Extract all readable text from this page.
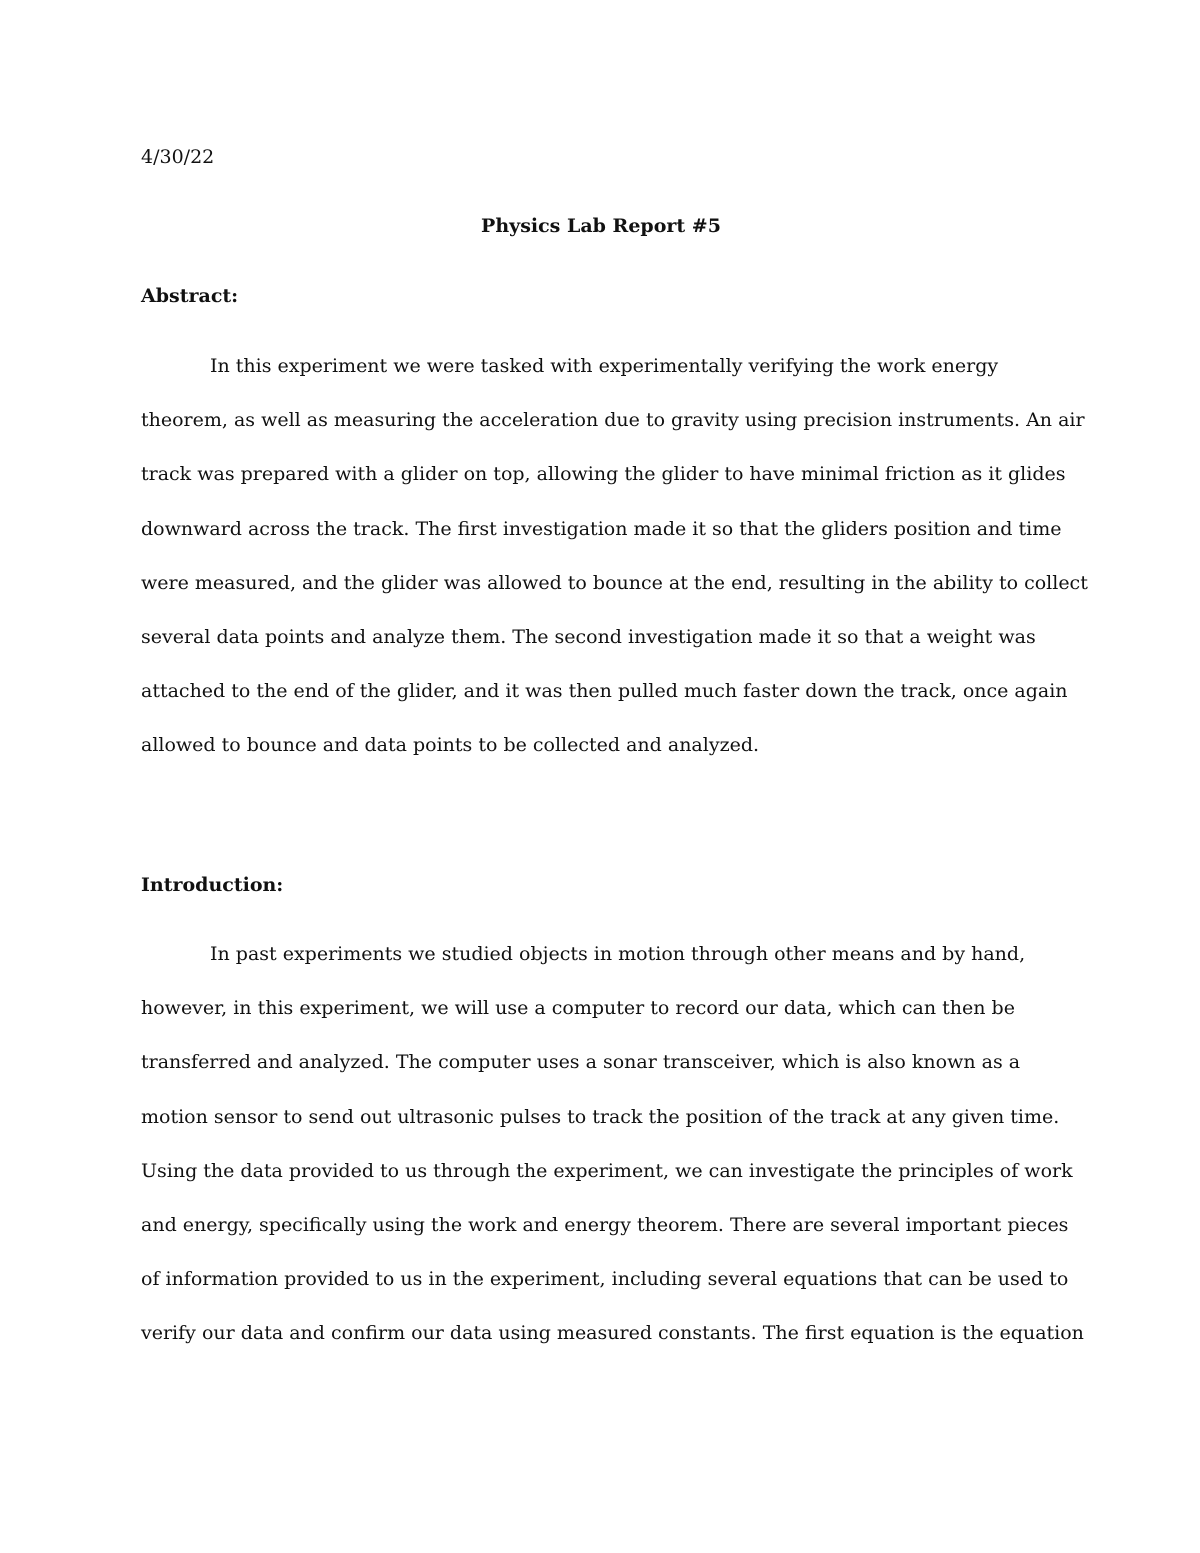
4/30/22
Physics Lab Report #5
Abstract:
In this experiment we were tasked with experimentally verifying the work energy
theorem, as well as measuring the acceleration due to gravity using precision instruments. An air
track was prepared with a glider on top, allowing the glider to have minimal friction as it glides
downward across the track. The first investigation made it so that the gliders position and time
were measured, and the glider was allowed to bounce at the end, resulting in the ability to collect
several data points and analyze them. The second investigation made it so that a weight was
attached to the end of the glider, and it was then pulled much faster down the track, once again
allowed to bounce and data points to be collected and analyzed.
Introduction:
In past experiments we studied objects in motion through other means and by hand,
however, in this experiment, we will use a computer to record our data, which can then be
transferred and analyzed. The computer uses a sonar transceiver, which is also known as a
motion sensor to send out ultrasonic pulses to track the position of the track at any given time.
Using the data provided to us through the experiment, we can investigate the principles of work
and energy, specifically using the work and energy theorem. There are several important pieces
of information provided to us in the experiment, including several equations that can be used to
verify our data and confirm our data using measured constants. The first equation is the equation
